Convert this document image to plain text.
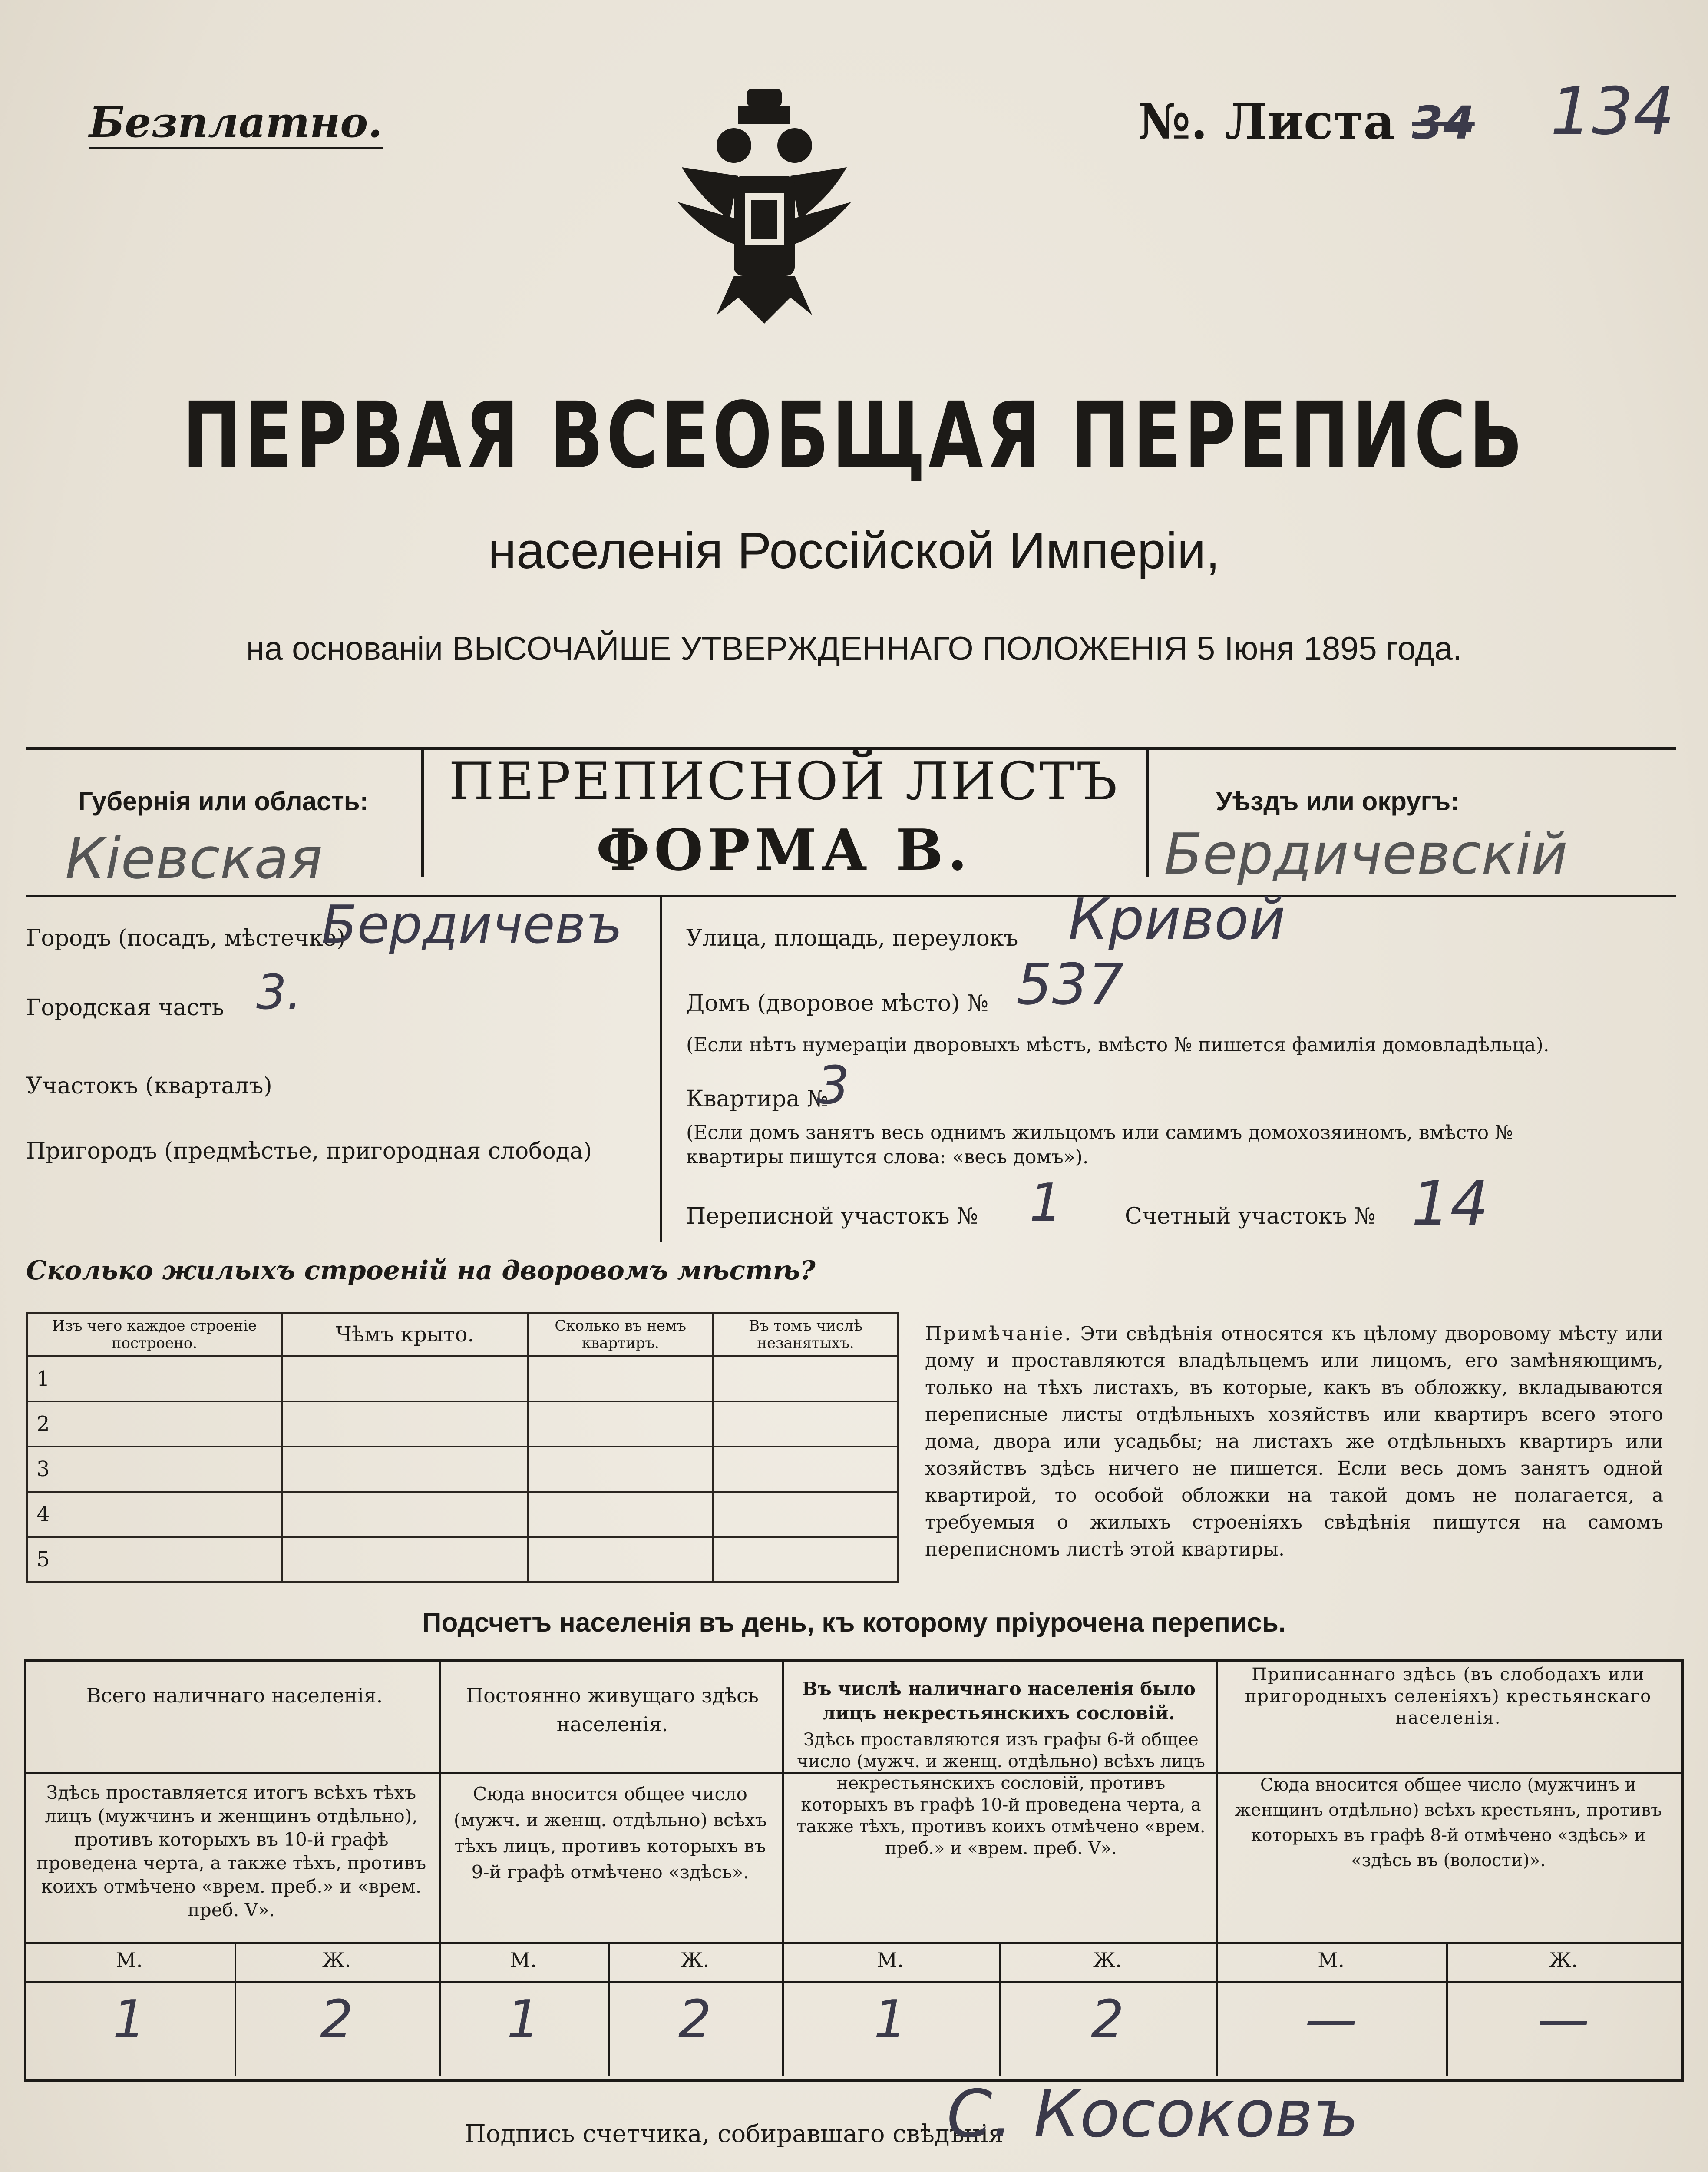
Безплатно.	№. Листа 34 134
ПЕРВАЯ ВСЕОБЩАЯ ПЕРЕПИСЬ
населенія Россійской Имперіи,
на основаніи ВЫСОЧАЙШЕ УТВЕРЖДЕННАГО ПОЛОЖЕНІЯ 5 Іюня 1895 года.
Губернія или область:
Кіевская
ПЕРЕПИСНОЙ ЛИСТЪ
ФОРМА В.
Уѣздъ или округъ:
Бердичевскій
Городъ (посадъ, мѣстечко)
Бердичевъ
Городская часть 3.
Участокъ (кварталъ)
Пригородъ (предмѣстье, пригородная слобода)
Улица, площадь, переулокъ Кривой
Домъ (дворовое мѣсто) № 537
(Если нѣтъ нумераціи дворовыхъ мѣстъ, вмѣсто № пишется фамилія домовладѣльца).
Квартира №
3
(Если домъ занятъ весь однимъ жильцомъ или самимъ домохозяиномъ, вмѣсто № квартиры пишутся слова: «весь домъ»).
Переписной участокъ № 1	Счетный участокъ № 14
Сколько жилыхъ строеній на дворовомъ мѣстѣ?
Изъ чего каждое строеніе построено.	Чѣмъ крыто.	Сколько въ немъ квартиръ.	Въ томъ числѣ незанятыхъ.
1			
2			
3			
4			
5			
Примѣчаніе. Эти свѣдѣнія относятся къ цѣлому дворовому мѣсту или дому и проставляются владѣльцемъ или лицомъ, его замѣняющимъ, только на тѣхъ листахъ, въ которые, какъ въ обложку, вкладываются переписные листы отдѣльныхъ хозяйствъ или квартиръ всего этого дома, двора или усадьбы; на листахъ же отдѣльныхъ квартиръ или хозяйствъ здѣсь ничего не пишется. Если весь домъ занятъ одной квартирой, то особой обложки на такой домъ не полагается, а требуемыя о жилыхъ строеніяхъ свѣдѣнія пишутся на самомъ переписномъ листѣ этой квартиры.
Подсчетъ населенія въ день, къ которому пріурочена перепись.
Всего наличнаго населенія.
Здѣсь проставляется итогъ всѣхъ тѣхъ лицъ (мужчинъ и женщинъ отдѣльно), противъ которыхъ въ 10-й графѣ проведена черта, а также тѣхъ, противъ коихъ отмѣчено «врем. преб.» и «врем. преб. V».
Постоянно живущаго здѣсь населенія.
Сюда вносится общее число (мужч. и женщ. отдѣльно) всѣхъ тѣхъ лицъ, противъ которыхъ въ 9-й графѣ отмѣчено «здѣсь».
Въ числѣ наличнаго населенія было лицъ некрестьянскихъ сословій.
Здѣсь проставляются изъ графы 6-й общее число (мужч. и женщ. отдѣльно) всѣхъ лицъ некрестьянскихъ сословій, противъ которыхъ въ графѣ 10-й проведена черта, а также тѣхъ, противъ коихъ отмѣчено «врем. преб.» и «врем. преб. V».
Приписаннаго здѣсь (въ слободахъ или пригородныхъ селеніяхъ) крестьянскаго населенія.
Сюда вносится общее число (мужчинъ и женщинъ отдѣльно) всѣхъ крестьянъ, противъ которыхъ въ графѣ 8-й отмѣчено «здѣсь» и «здѣсь въ (волости)».
М.	Ж.	М.	Ж.	М.	Ж.	М.	Ж.
1	2	1	2	1	2	—	—
Подпись счетчика, собиравшаго свѣдѣнія
С. Косоковъ
